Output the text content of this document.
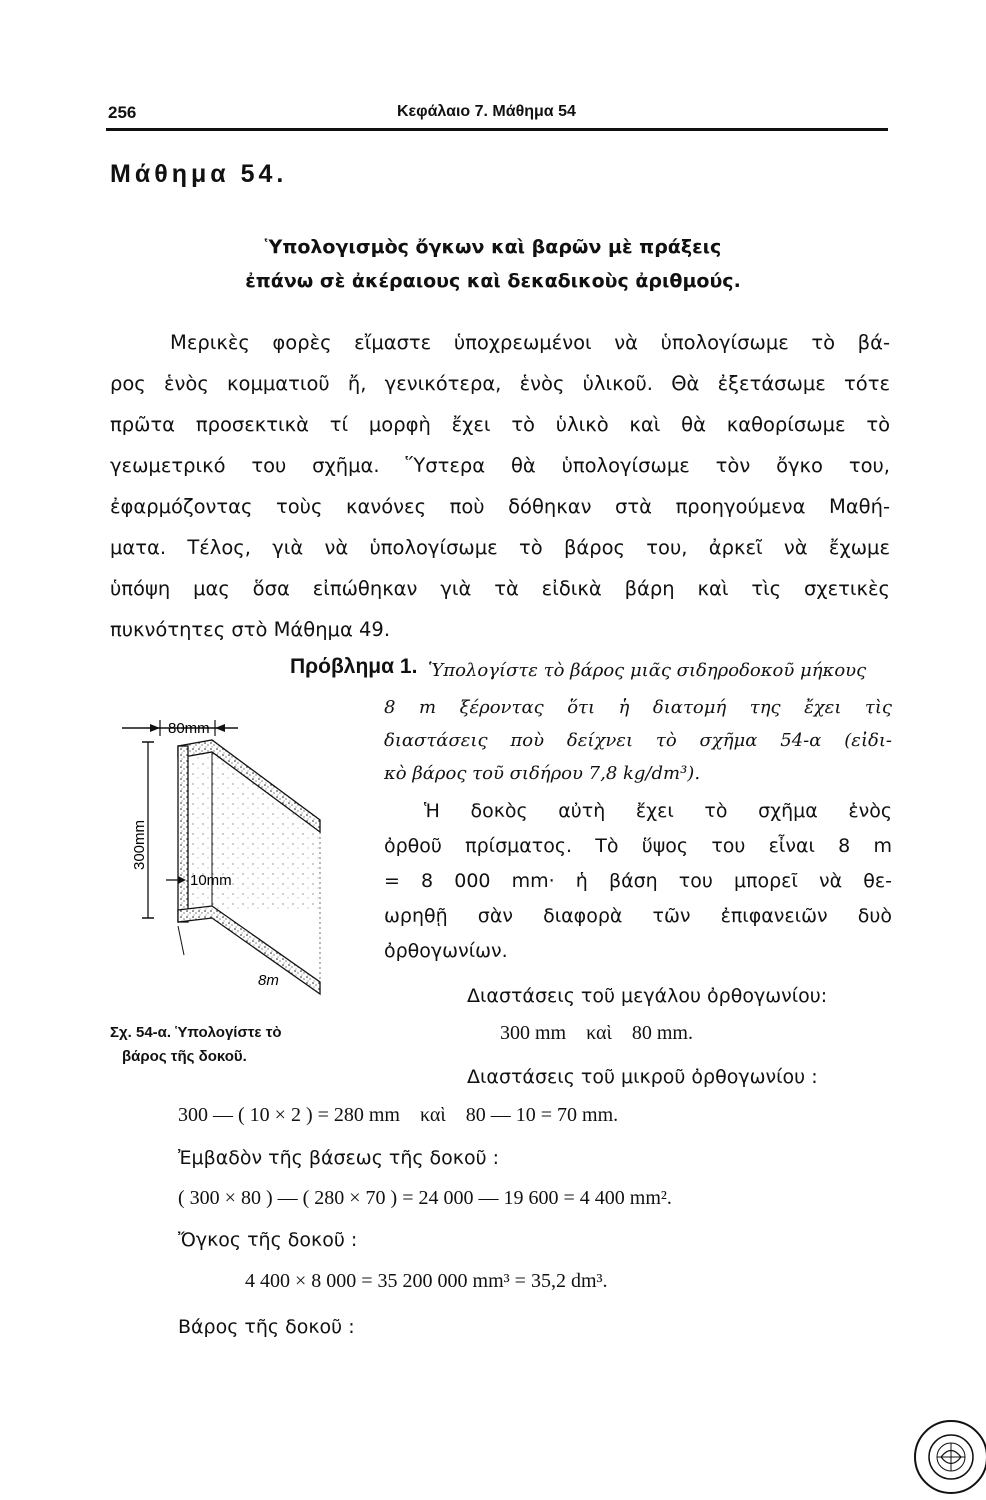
256	Κεφάλαιο 7. Μάθημα 54
Μάθημα 54.
Ὑπολογισμὸς ὄγκων καὶ βαρῶν μὲ πράξεις
ἐπάνω σὲ ἀκέραιους καὶ δεκαδικοὺς ἀριθμούς.
Μερικὲς φορὲς εἴμαστε ὑποχρεωμένοι νὰ ὑπολογίσωμε τὸ βά-
ρος ἑνὸς κομματιοῦ ἤ, γενικότερα, ἑνὸς ὑλικοῦ. Θὰ ἐξετάσωμε τότε
πρῶτα προσεκτικὰ τί μορφὴ ἔχει τὸ ὑλικὸ καὶ θὰ καθορίσωμε τὸ
γεωμετρικό του σχῆμα. Ὕστερα θὰ ὑπολογίσωμε τὸν ὄγκο του,
ἐφαρμόζοντας τοὺς κανόνες ποὺ δόθηκαν στὰ προηγούμενα Μαθή-
ματα. Τέλος, γιὰ νὰ ὑπολογίσωμε τὸ βάρος του, ἀρκεῖ νὰ ἔχωμε
ὑπόψη μας ὅσα εἰπώθηκαν γιὰ τὰ εἰδικὰ βάρη καὶ τὶς σχετικὲς
πυκνότητες στὸ Μάθημα 49.
Πρόβλημα 1. Ὑπολογίστε τὸ βάρος μιᾶς σιδηροδοκοῦ μήκους
8 m ξέροντας ὅτι ἡ διατομή της ἔχει τὶς
διαστάσεις ποὺ δείχνει τὸ σχῆμα 54-α (εἰδι-
κὸ βάρος τοῦ σιδήρου 7,8 kg/dm³).
Ἡ δοκὸς αὐτὴ ἔχει τὸ σχῆμα ἑνὸς
ὀρθοῦ πρίσματος. Τὸ ὕψος του εἶναι 8 m
= 8 000 mm· ἡ βάση του μπορεῖ νὰ θε-
ωρηθῇ σὰν διαφορὰ τῶν ἐπιφανειῶν δυὸ
ὀρθογωνίων.
Διαστάσεις τοῦ μεγάλου ὀρθογωνίου:
300 mm    καὶ    80 mm.
Διαστάσεις τοῦ μικροῦ ὀρθογωνίου :
300 — ( 10 × 2 ) = 280 mm    καὶ    80 — 10 = 70 mm.
Ἐμβαδὸν τῆς βάσεως τῆς δοκοῦ :
( 300 × 80 ) — ( 280 × 70 ) = 24 000 — 19 600 = 4 400 mm².
Ὄγκος τῆς δοκοῦ :
4 400 × 8 000 = 35 200 000 mm³ = 35,2 dm³.
Βάρος τῆς δοκοῦ :
80mm
300mm
10mm
8m
Σχ. 54-α. Ὑπολογίστε τὸ
βάρος τῆς δοκοῦ.
